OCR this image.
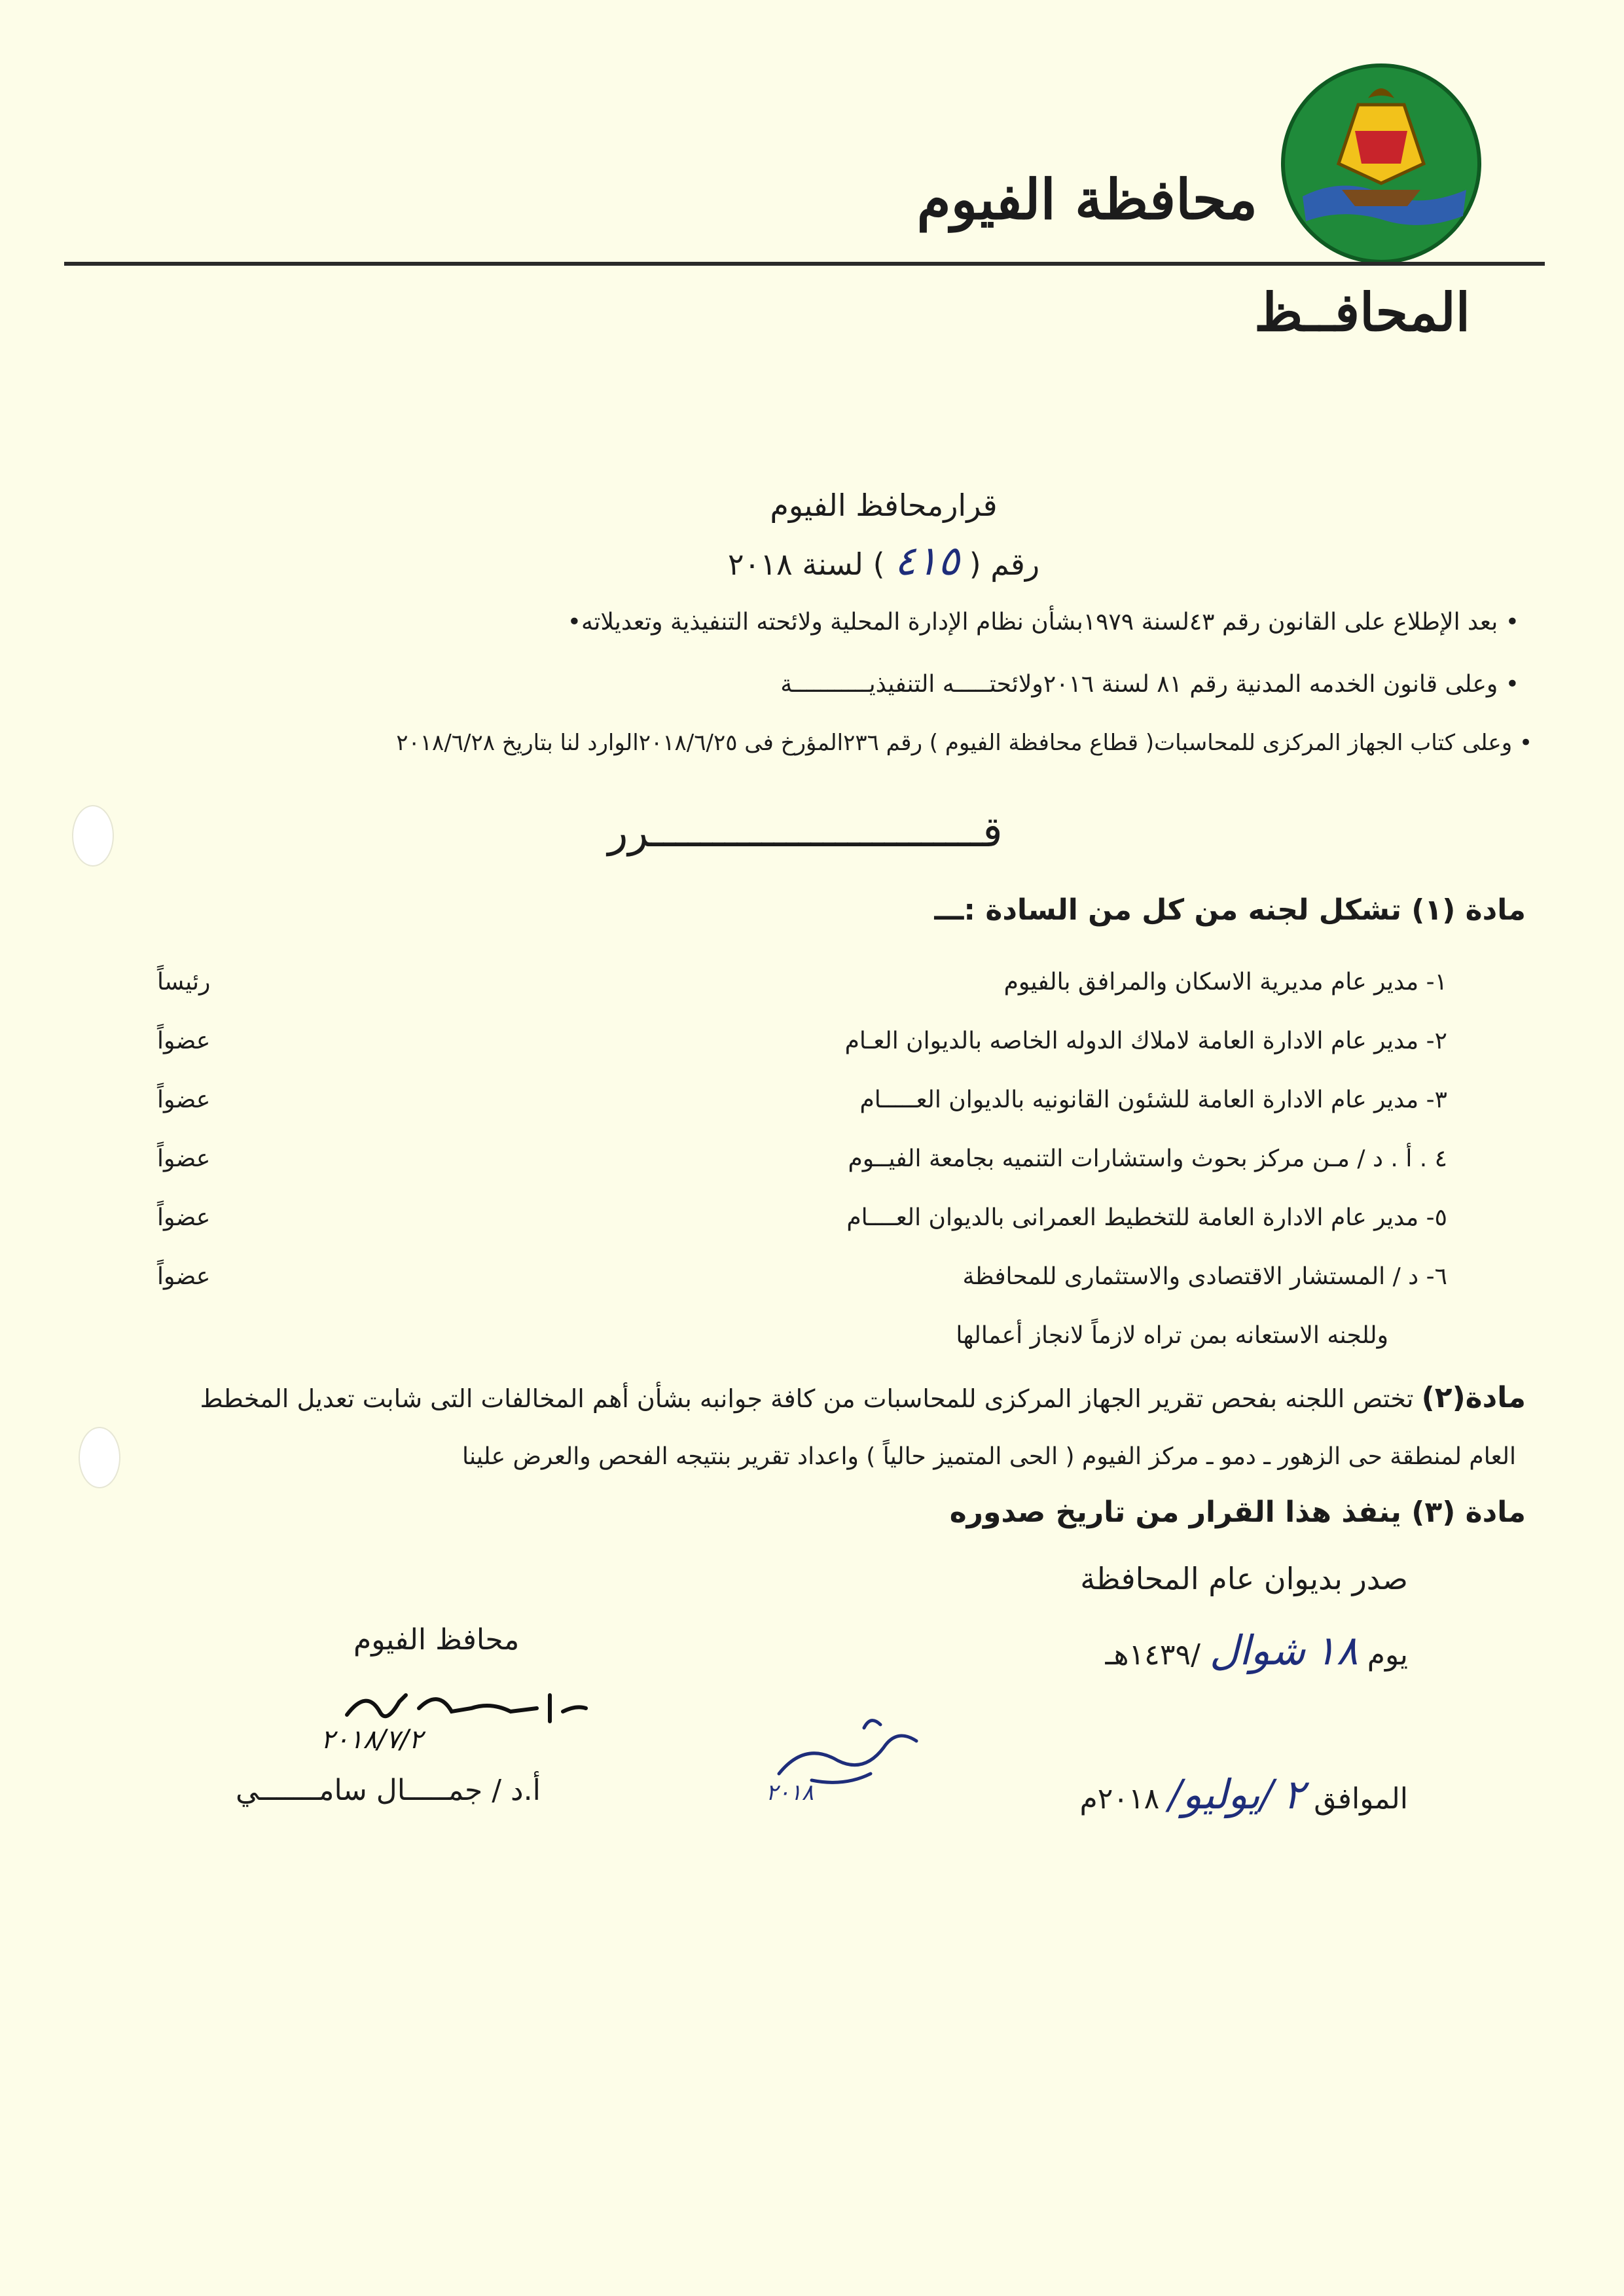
محافظة الفيوم
المحافــظ
قرارمحافظ الفيوم
رقم ( ٤١٥ ) لسنة ٢٠١٨
• بعد الإطلاع على القانون رقم ٤٣لسنة ١٩٧٩بشأن نظام الإدارة المحلية ولائحته التنفيذية وتعديلاته•
• وعلى قانون الخدمه المدنية رقم ٨١ لسنة ٢٠١٦ولائحتـــــه التنفيذيـــــــــــة
• وعلى كتاب الجهاز المركزى للمحاسبات( قطاع محافظة الفيوم ) رقم ٢٣٦المؤرخ فى ٢٠١٨/٦/٢٥الوارد لنا بتاريخ ٢٠١٨/٦/٢٨
قـــــــــــــــــــــــــــرر
مادة (١) تشكل لجنه من كل من السادة :ـــ
١- مدير عام مديرية الاسكان والمرافق بالفيوم
رئيساً
٢- مدير عام الادارة العامة لاملاك الدوله الخاصه بالديوان العـام
عضواً
٣- مدير عام الادارة العامة للشئون القانونيه بالديوان العـــــام
عضواً
٤ . أ . د / مـن مركز بحوث واستشارات التنميه بجامعة الفيــوم
عضواً
٥- مدير عام الادارة العامة للتخطيط العمرانى بالديوان العــــام
عضواً
٦- د / المستشار الاقتصادى والاستثمارى للمحافظة
عضواً
وللجنه الاستعانه بمن تراه لازماً لانجاز أعمالها
مادة(٢) تختص اللجنه بفحص تقرير الجهاز المركزى للمحاسبات من كافة جوانبه بشأن أهم المخالفات التى شابت تعديل المخطط
العام لمنطقة حى الزهور ـ دمو ـ مركز الفيوم ( الحى المتميز حالياً ) واعداد تقرير بنتيجه الفحص والعرض علينا
مادة (٣) ينفذ هذا القرار من تاريخ صدوره
صدر بديوان عام المحافظة
يوم ١٨ شوال /١٤٣٩هـ
الموافق ٢ /يوليو/ ٢٠١٨م
محافظ الفيوم
٢٠١٨/٧/٢
أ.د / جمـــــال سامـــــــي	٢٠١٨
